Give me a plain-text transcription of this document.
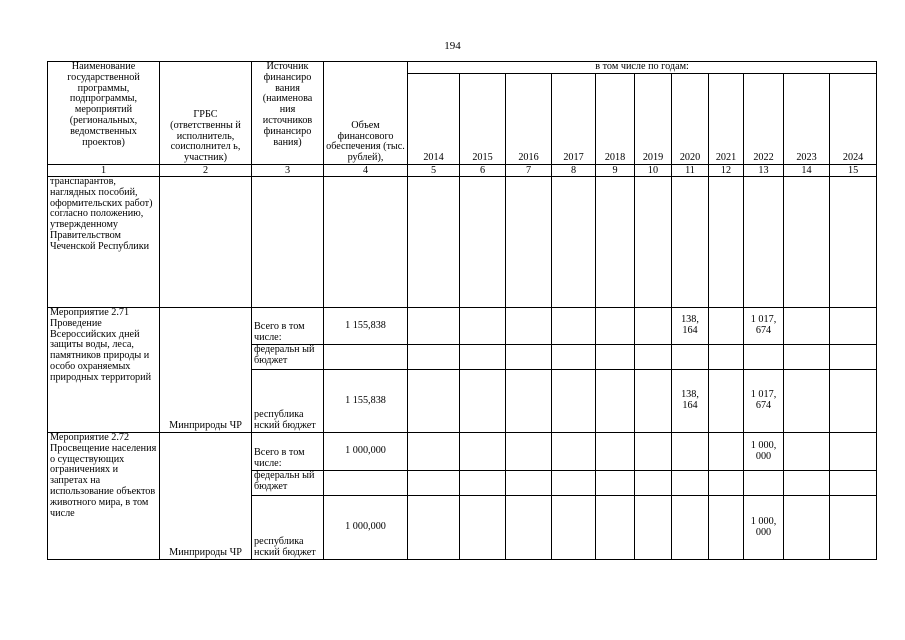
194
Наименование государственной программы, подпрограммы, мероприятий (региональных, ведомственных проектов)	ГРБС (ответственны й исполнитель, соисполнител ь, участник)	Источник финансиро вания (наименова ния источников финансиро вания)	Объем финансового обеспечения (тыс. рублей),	в том числе по годам:										
				2014	2015	2016	2017	2018	2019	2020	2021	2022	2023	2024
1	2	3	4	5	6	7	8	9	10	11	12	13	14	15
транспарантов, наглядных пособий, оформительских работ) согласно положению, утвержденному Правительством Чеченской Республики														
Мероприятие 2.71 Проведение Всероссийских дней защиты воды, леса, памятников природы и особо охраняемых природных территорий	Минприроды ЧР	Всего в том числе:	1 155,838							138, 164		1 017, 674		
		федеральн ый бюджет												
		республика нский бюджет	1 155,838							138, 164		1 017, 674		
Мероприятие 2.72 Просвещение населения о существующих ограничениях и запретах на использование объектов животного мира, в том числе	Минприроды ЧР	Всего в том числе:	1 000,000									1 000, 000		
		федеральн ый бюджет												
		республика нский бюджет	1 000,000									1 000, 000		
